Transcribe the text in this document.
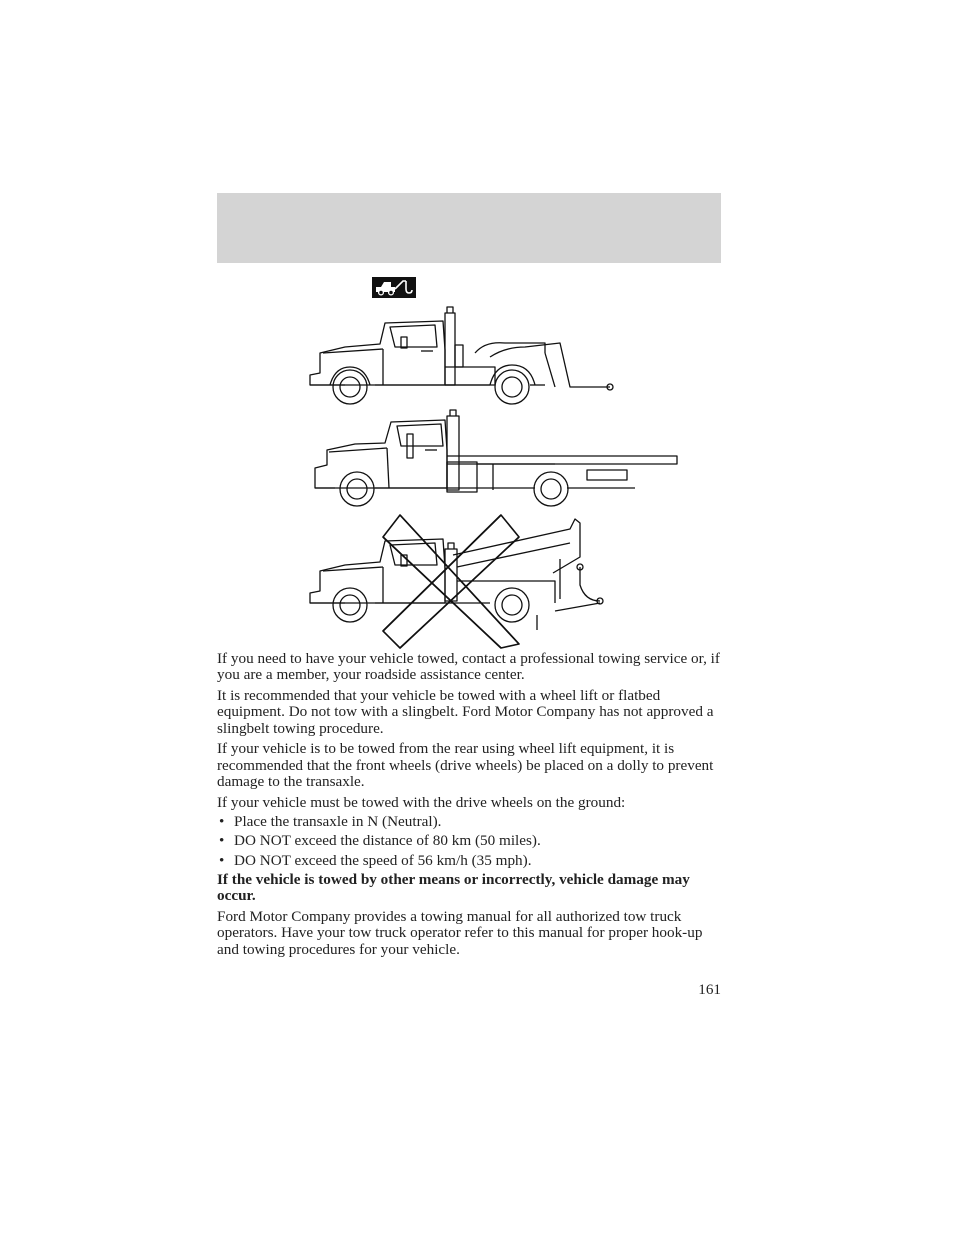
If you need to have your vehicle towed, contact a professional towing service or, if you are a member, your roadside assistance center.

It is recommended that your vehicle be towed with a wheel lift or flatbed equipment. Do not tow with a slingbelt. Ford Motor Company has not approved a slingbelt towing procedure.

If your vehicle is to be towed from the rear using wheel lift equipment, it is recommended that the front wheels (drive wheels) be placed on a dolly to prevent damage to the transaxle.

If your vehicle must be towed with the drive wheels on the ground:

• Place the transaxle in N (Neutral).
• DO NOT exceed the distance of 80 km (50 miles).
• DO NOT exceed the speed of 56 km/h (35 mph).

If the vehicle is towed by other means or incorrectly, vehicle damage may occur.

Ford Motor Company provides a towing manual for all authorized tow truck operators. Have your tow truck operator refer to this manual for proper hook-up and towing procedures for your vehicle.

161
